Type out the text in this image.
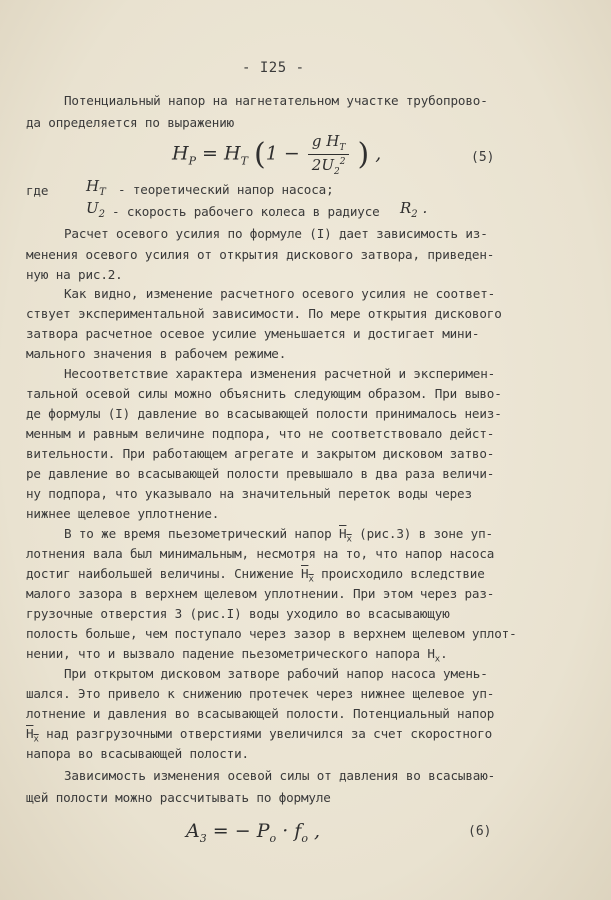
- I25 -
Потенциальный напор на нагнетательном участке трубопрово-
да определяется по выражению
$H_P = H_T$ ($1 - \frac{g H_T}{2U_2^2}$ ) ,	(5)
где	$H_T$ - теоретический напор насоса;
$U_2$ - скорость рабочего колеса в радиусе $R_2$ .
Расчет осевого усилия по формуле (I) дает зависимость из-
менения осевого усилия от открытия дискового затвора, приведен-
ную на рис.2.
Как видно, изменение расчетного осевого усилия не соответ-
ствует экспериментальной зависимости. По мере открытия дискового
затвора расчетное осевое усилие уменьшается и достигает мини-
мального значения в рабочем режиме.
Несоответствие характера изменения расчетной и эксперимен-
тальной осевой силы можно объяснить следующим образом. При выво-
де формулы (I) давление во всасывающей полости принималось неиз-
менным и равным величине подпора, что не соответствовало дейст-
вительности. При работающем агрегате и закрытом дисковом затво-
ре давление во всасывающей полости превышало в два раза величи-
ну подпора, что указывало на значительный переток воды через
нижнее щелевое уплотнение.
В то же время пьезометрический напор $H_x$ (рис.3) в зоне уп-
лотнения вала был минимальным, несмотря на то, что напор насоса
достиг наибольшей величины. Снижение $H_x$ происходило вследствие
малого зазора в верхнем щелевом уплотнении. При этом через раз-
грузочные отверстия 3 (рис.I) воды уходило во всасывающую
полость больше, чем поступало через зазор в верхнем щелевом уплот-
нении, что и вызвало падение пьезометрического напора $H_x$.
При открытом дисковом затворе рабочий напор насоса умень-
шался. Это привело к снижению протечек через нижнее щелевое уп-
лотнение и давления во всасывающей полости. Потенциальный напор
$H_x$ над разгрузочными отверстиями увеличился за счет скоростного
напора во всасывающей полости.
Зависимость изменения осевой силы от давления во всасываю-
щей полости можно рассчитывать по формуле
$A_3$ = − $P_o \cdot f_o$ ,	(6)
